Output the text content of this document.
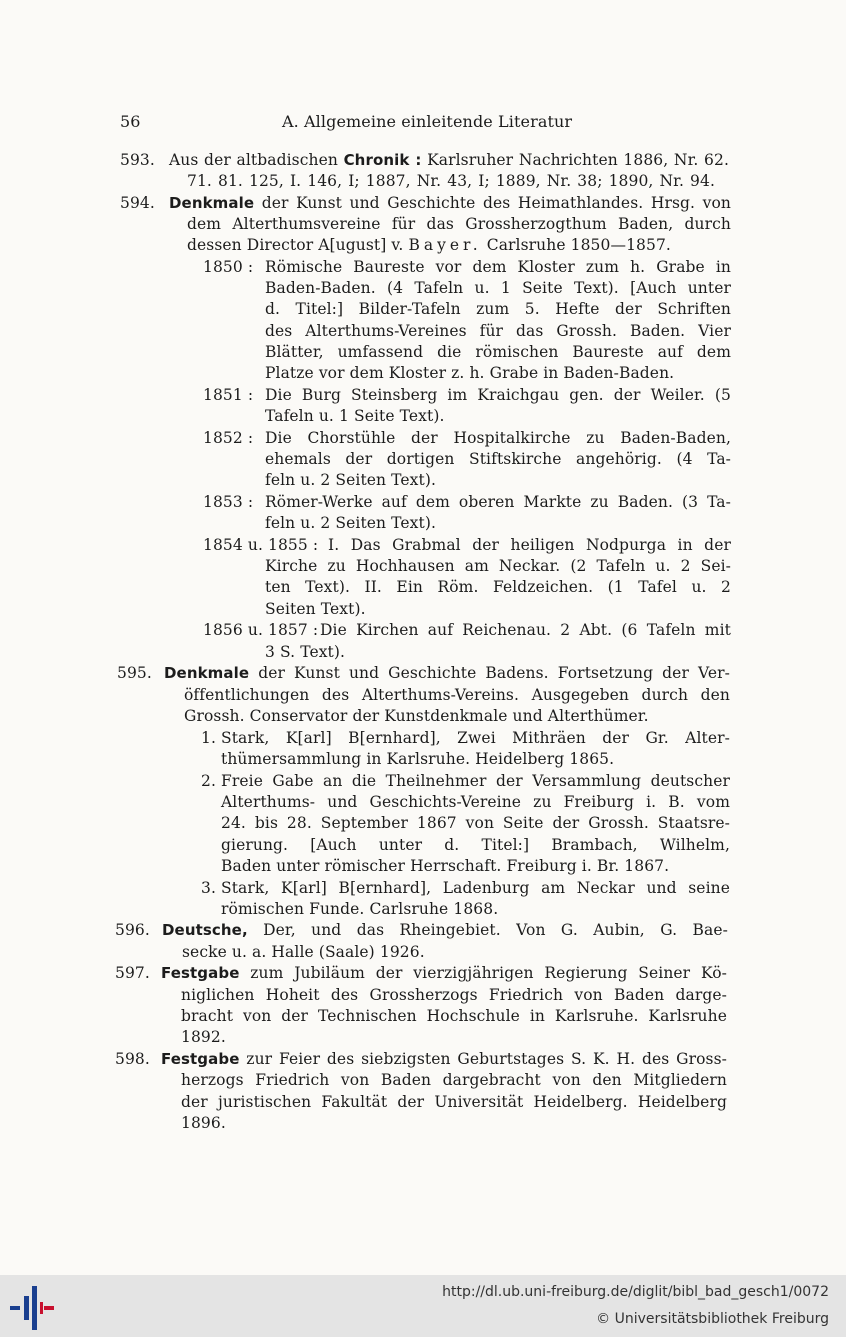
56	A. Allgemeine einleitende Literatur
593. Aus der altbadischen Chronik : Karlsruher Nachrichten 1886, Nr. 62.
71. 81. 125, I. 146, I; 1887, Nr. 43, I; 1889, Nr. 38; 1890, Nr. 94.
594. Denkmale der Kunst und Geschichte des Heimathlandes. Hrsg. von
dem Alterthumsvereine für das Grossherzogthum Baden, durch
dessen Director A[ugust] v. Bayer. Carlsruhe 1850—1857.
1850 : Römische Baureste vor dem Kloster zum h. Grabe in
Baden-Baden. (4 Tafeln u. 1 Seite Text). [Auch unter
d. Titel:] Bilder-Tafeln zum 5. Hefte der Schriften
des Alterthums-Vereines für das Grossh. Baden. Vier
Blätter, umfassend die römischen Baureste auf dem
Platze vor dem Kloster z. h. Grabe in Baden-Baden.
1851 : Die Burg Steinsberg im Kraichgau gen. der Weiler. (5
Tafeln u. 1 Seite Text).
1852 : Die Chorstühle der Hospitalkirche zu Baden-Baden,
ehemals der dortigen Stiftskirche angehörig. (4 Ta-
feln u. 2 Seiten Text).
1853 : Römer-Werke auf dem oberen Markte zu Baden. (3 Ta-
feln u. 2 Seiten Text).
1854 u. 1855 : I. Das Grabmal der heiligen Nodpurga in der
Kirche zu Hochhausen am Neckar. (2 Tafeln u. 2 Sei-
ten Text). II. Ein Röm. Feldzeichen. (1 Tafel u. 2
Seiten Text).
1856 u. 1857 : Die Kirchen auf Reichenau. 2 Abt. (6 Tafeln mit
3 S. Text).
595. Denkmale der Kunst und Geschichte Badens. Fortsetzung der Ver-
öffentlichungen des Alterthums-Vereins. Ausgegeben durch den
Grossh. Conservator der Kunstdenkmale und Alterthümer.
1. Stark, K[arl] B[ernhard], Zwei Mithräen der Gr. Alter-
thümersammlung in Karlsruhe. Heidelberg 1865.
2. Freie Gabe an die Theilnehmer der Versammlung deutscher
Alterthums- und Geschichts-Vereine zu Freiburg i. B. vom
24. bis 28. September 1867 von Seite der Grossh. Staatsre-
gierung. [Auch unter d. Titel:] Brambach, Wilhelm,
Baden unter römischer Herrschaft. Freiburg i. Br. 1867.
3. Stark, K[arl] B[ernhard], Ladenburg am Neckar und seine
römischen Funde. Carlsruhe 1868.
596. Deutsche, Der, und das Rheingebiet. Von G. Aubin, G. Bae-
secke u. a. Halle (Saale) 1926.
597. Festgabe zum Jubiläum der vierzigjährigen Regierung Seiner Kö-
niglichen Hoheit des Grossherzogs Friedrich von Baden darge-
bracht von der Technischen Hochschule in Karlsruhe. Karlsruhe
1892.
598. Festgabe zur Feier des siebzigsten Geburtstages S. K. H. des Gross-
herzogs Friedrich von Baden dargebracht von den Mitgliedern
der juristischen Fakultät der Universität Heidelberg. Heidelberg
1896.
http://dl.ub.uni-freiburg.de/diglit/bibl_bad_gesch1/0072
© Universitätsbibliothek Freiburg
